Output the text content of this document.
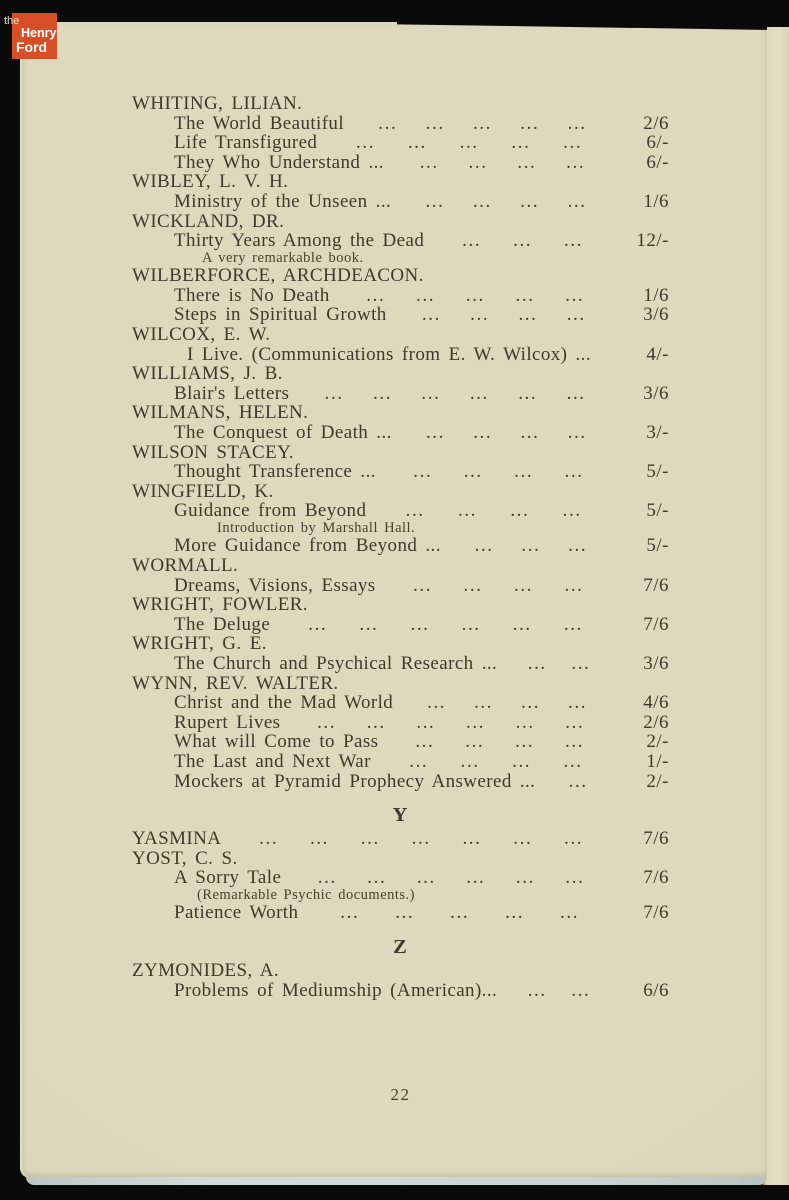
WHITING, LILIAN.
The World Beautiful ... ... ... ... ...	2/6
Life Transfigured ... ... ... ... ...	6/-
They Who Understand ... ... ... ... ...	6/-
WIBLEY, L. V. H.
Ministry of the Unseen ... ... ... ... ...	1/6
WICKLAND, DR.
Thirty Years Among the Dead ... ... ...	12/-
A very remarkable book.
WILBERFORCE, ARCHDEACON.
There is No Death ... ... ... ... ...	1/6
Steps in Spiritual Growth ... ... ... ...	3/6
WILCOX, E. W.
I Live. (Communications from E. W. Wilcox) ...	4/-
WILLIAMS, J. B.
Blair's Letters ... ... ... ... ... ...	3/6
WILMANS, HELEN.
The Conquest of Death ... ... ... ... ...	3/-
WILSON STACEY.
Thought Transference ... ... ... ... ...	5/-
WINGFIELD, K.
Guidance from Beyond ... ... ... ...	5/-
Introduction by Marshall Hall.
More Guidance from Beyond ... ... ... ...	5/-
WORMALL.
Dreams, Visions, Essays ... ... ... ...	7/6
WRIGHT, FOWLER.
The Deluge ... ... ... ... ... ...	7/6
WRIGHT, G. E.
The Church and Psychical Research ... ... ...	3/6
WYNN, REV. WALTER.
Christ and the Mad World ... ... ... ...	4/6
Rupert Lives ... ... ... ... ... ...	2/6
What will Come to Pass ... ... ... ...	2/-
The Last and Next War ... ... ... ...	1/-
Mockers at Pyramid Prophecy Answered ... ...	2/-
Y
YASMINA ... ... ... ... ... ... ...	7/6
YOST, C. S.
A Sorry Tale ... ... ... ... ... ...	7/6
(Remarkable Psychic documents.)
Patience Worth ... ... ... ... ...	7/6
Z
ZYMONIDES, A.
Problems of Mediumship (American)... ... ...	6/6
22
the
Henry
Ford
